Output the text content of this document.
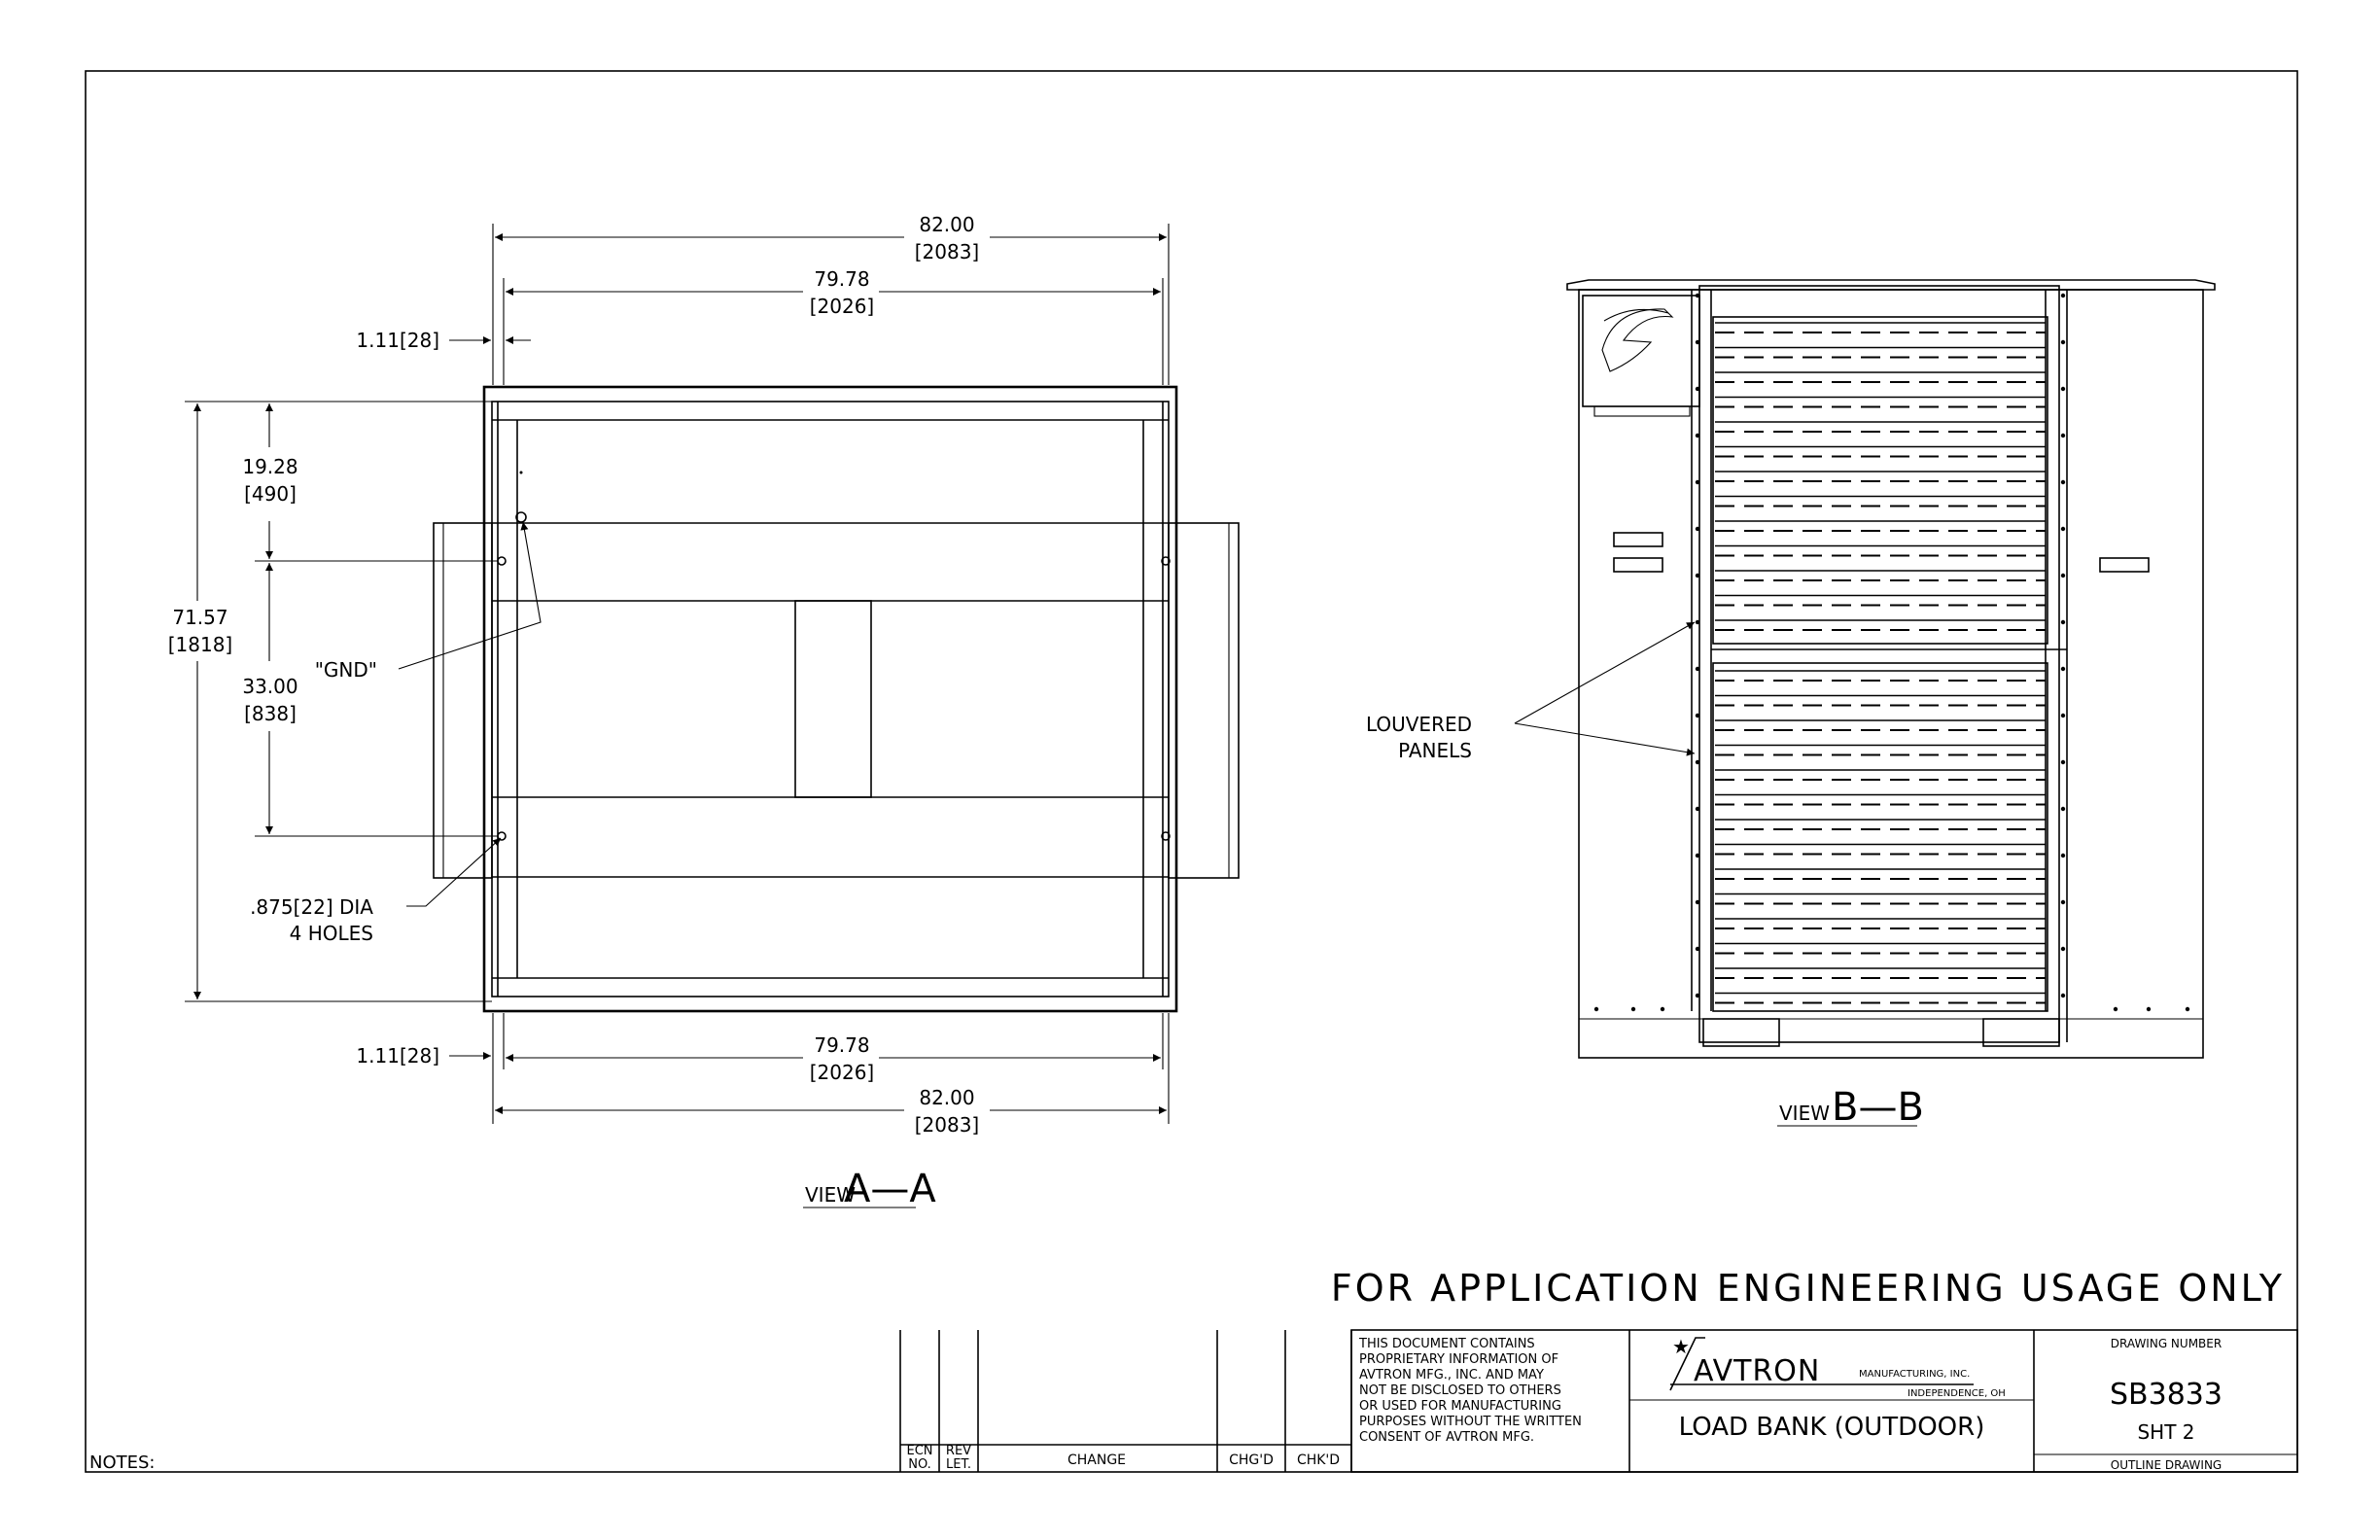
82.00
[2083]
79.78
[2026]
1.11[28]
1.11[28]	79.78
[2026]
82.00
[2083]
71.57
[1818]
19.28
[490]
33.00
[838]
"GND"
.875[22] DIA
4 HOLES
VIEW
A—A
LOUVERED
PANELS
VIEW B—B
FOR APPLICATION ENGINEERING USAGE ONLY
ECN
NO.
REV
LET.	CHANGE	CHG'D CHK'D
NOTES:
THIS DOCUMENT CONTAINS
PROPRIETARY INFORMATION OF
AVTRON MFG., INC. AND MAY
NOT BE DISCLOSED TO OTHERS
OR USED FOR MANUFACTURING
PURPOSES WITHOUT THE WRITTEN
CONSENT OF AVTRON MFG.
★
AVTRON	MANUFACTURING, INC.
INDEPENDENCE, OH
LOAD BANK (OUTDOOR)
DRAWING NUMBER
SB3833
SHT 2
OUTLINE DRAWING
